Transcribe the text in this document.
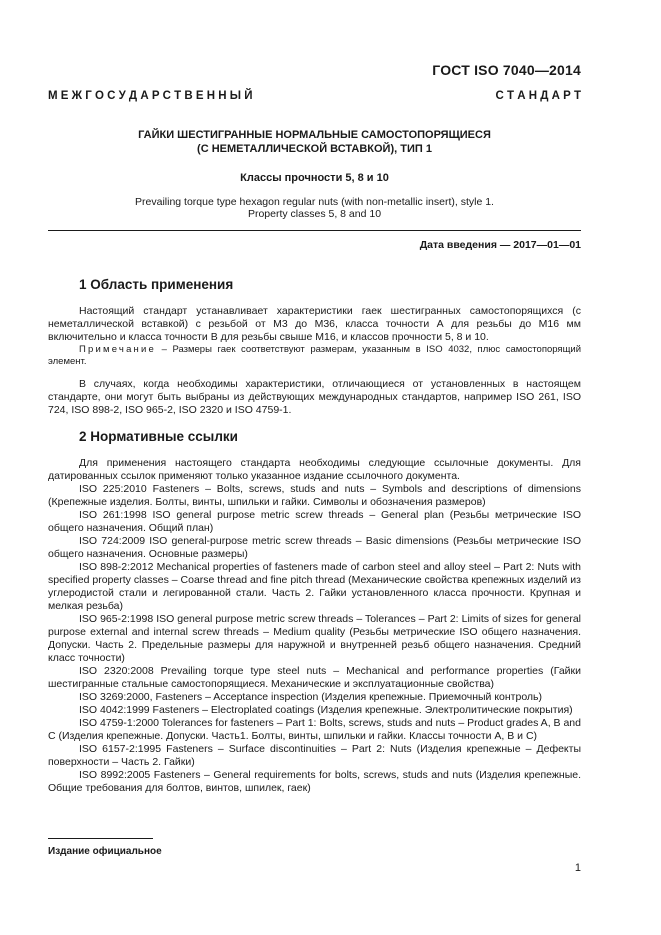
ГОСТ ISO 7040—2014
М Е Ж Г О С У Д А Р С Т В Е Н Н Ы Й	С Т А Н Д А Р Т

ГАЙКИ ШЕСТИГРАННЫЕ НОРМАЛЬНЫЕ САМОСТОПОРЯЩИЕСЯ
(С НЕМЕТАЛЛИЧЕСКОЙ ВСТАВКОЙ), ТИП 1

Классы прочности 5, 8 и 10

Prevailing torque type hexagon regular nuts (with non-metallic insert), style 1.
Property classes 5, 8 and 10

Дата введения — 2017—01—01
1 Область применения

Настоящий стандарт устанавливает характеристики гаек шестигранных самостопорящихся (с неметаллической вставкой) с резьбой от М3 до М36, класса точности А для резьбы до М16 мм включительно и класса точности В для резьбы свыше М16, и классов прочности 5, 8 и 10.

Примечание – Размеры гаек соответствуют размерам, указанным в ISO 4032, плюс самостопорящий элемент.

В случаях, когда необходимы характеристики, отличающиеся от установленных в настоящем стандарте, они могут быть выбраны из действующих международных стандартов, например ISO 261, ISO 724, ISO 898-2, ISO 965-2, ISO 2320 и ISO 4759-1.

2 Нормативные ссылки

Для применения настоящего стандарта необходимы следующие ссылочные документы. Для датированных ссылок применяют только указанное издание ссылочного документа.

ISO 225:2010 Fasteners – Bolts, screws, studs and nuts – Symbols and descriptions of dimensions (Крепежные изделия. Болты, винты, шпильки и гайки. Символы и обозначения размеров)

ISO 261:1998 ISO general purpose metric screw threads – General plan (Резьбы метрические ISO общего назначения. Общий план)

ISO 724:2009 ISO general-purpose metric screw threads – Basic dimensions (Резьбы метрические ISO общего назначения. Основные размеры)

ISO 898-2:2012 Mechanical properties of fasteners made of carbon steel and alloy steel – Part 2: Nuts with specified property classes – Coarse thread and fine pitch thread (Механические свойства крепежных изделий из углеродистой стали и легированной стали. Часть 2. Гайки установленного класса прочности. Крупная и мелкая резьба)

ISO 965-2:1998 ISO general purpose metric screw threads – Tolerances – Part 2: Limits of sizes for general purpose external and internal screw threads – Medium quality (Резьбы метрические ISO общего назначения. Допуски. Часть 2. Предельные размеры для наружной и внутренней резьб общего назначения. Средний класс точности)

ISO 2320:2008 Prevailing torque type steel nuts – Mechanical and performance properties (Гайки шестигранные стальные самостопорящиеся. Механические и эксплуатационные свойства)

ISO 3269:2000, Fasteners – Acceptance inspection (Изделия крепежные. Приемочный контроль)

ISO 4042:1999 Fasteners – Electroplated coatings (Изделия крепежные. Электролитические покрытия)

ISO 4759-1:2000 Tolerances for fasteners – Part 1: Bolts, screws, studs and nuts – Product grades A, B and C (Изделия крепежные. Допуски. Часть1. Болты, винты, шпильки и гайки. Классы точности А, В и С)

ISO 6157-2:1995 Fasteners – Surface discontinuities – Part 2: Nuts (Изделия крепежные – Дефекты поверхности – Часть 2. Гайки)

ISO 8992:2005 Fasteners – General requirements for bolts, screws, studs and nuts (Изделия крепежные. Общие требования для болтов, винтов, шпилек, гаек)

Издание официальное
1
